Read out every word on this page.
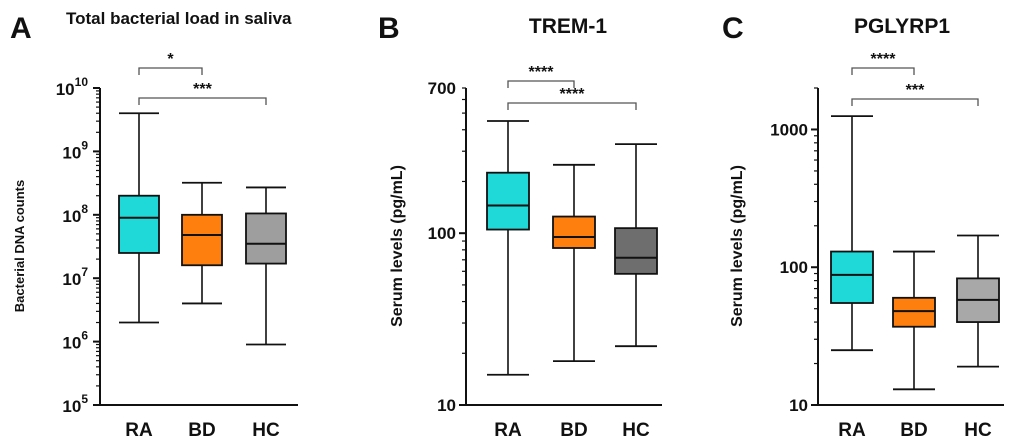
A Total bacterial load in saliva
Bacterial DNA counts
$10^5$
$10^6$
$10^7$
$10^8$
$10^9$
$10^{10}$
RA BD HC
*
***
B	TREM-1
Serum levels (pg/mL)
10
100
700
RA BD HC
****
****
C	PGLYRP1
Serum levels (pg/mL)
10
100
1000
RA BD HC
****
***
